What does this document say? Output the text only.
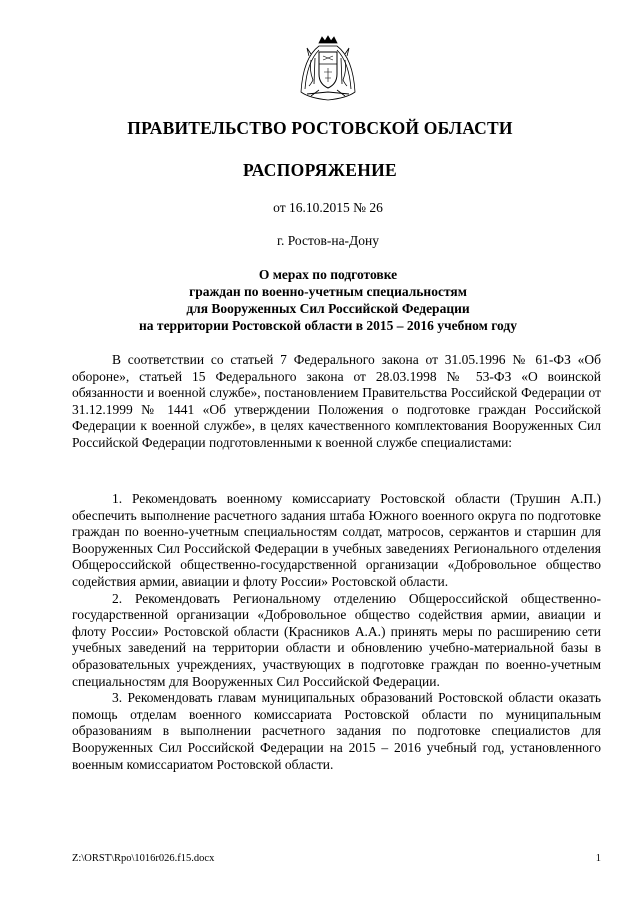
ПРАВИТЕЛЬСТВО РОСТОВСКОЙ ОБЛАСТИ
РАСПОРЯЖЕНИЕ
от 16.10.2015 № 26
г. Ростов-на-Дону
О мерах по подготовке
граждан по военно-учетным специальностям
для Вооруженных Сил Российской Федерации
на территории Ростовской области в 2015 – 2016 учебном году

В соответствии со статьей 7 Федерального закона от 31.05.1996 № 61-ФЗ «Об обороне», статьей 15 Федерального закона от 28.03.1998 № 53-ФЗ «О воинской обязанности и военной службе», постановлением Правительства Российской Федерации от 31.12.1999 № 1441 «Об утверждении Положения о подготовке граждан Российской Федерации к военной службе», в целях качественного комплектования Вооруженных Сил Российской Федерации подготовленными к военной службе специалистами:

1. Рекомендовать военному комиссариату Ростовской области (Трушин А.П.) обеспечить выполнение расчетного задания штаба Южного военного округа по подготовке граждан по военно-учетным специальностям солдат, матросов, сержантов и старшин для Вооруженных Сил Российской Федерации в учебных заведениях Регионального отделения Общероссийской общественно-государственной организации «Добровольное общество содействия армии, авиации и флоту России» Ростовской области.

2. Рекомендовать Региональному отделению Общероссийской общественно-государственной организации «Добровольное общество содействия армии, авиации и флоту России» Ростовской области (Красников А.А.) принять меры по расширению сети учебных заведений на территории области и обновлению учебно-материальной базы в образовательных учреждениях, участвующих в подготовке граждан по военно-учетным специальностям для Вооруженных Сил Российской Федерации.

3. Рекомендовать главам муниципальных образований Ростовской области оказать помощь отделам военного комиссариата Ростовской области по муниципальным образованиям в выполнении расчетного задания по подготовке специалистов для Вооруженных Сил Российской Федерации на 2015 – 2016 учебный год, установленного военным комиссариатом Ростовской области.

Z:\ORST\Rpo\1016r026.f15.docx	1
